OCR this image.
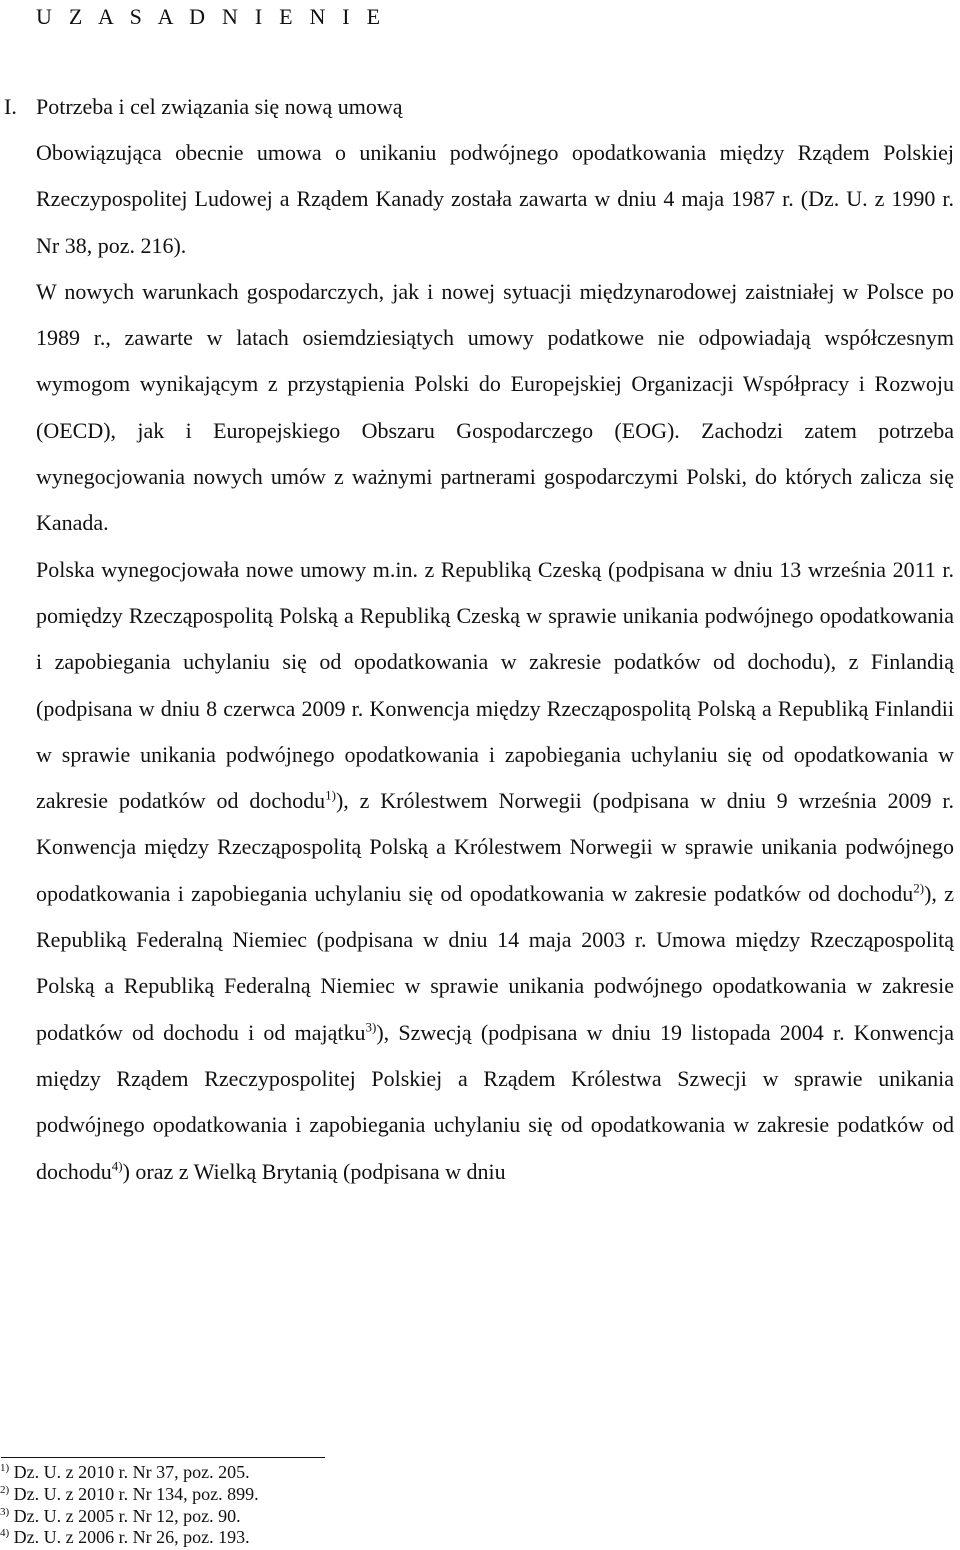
U Z A S A D N I E N I E
I. Potrzeba i cel związania się nową umową

Obowiązująca obecnie umowa o unikaniu podwójnego opodatkowania między Rządem Polskiej Rzeczypospolitej Ludowej a Rządem Kanady została zawarta w dniu 4 maja 1987 r. (Dz. U. z 1990 r. Nr 38, poz. 216).

W nowych warunkach gospodarczych, jak i nowej sytuacji międzynarodowej zaistniałej w Polsce po 1989 r., zawarte w latach osiemdziesiątych umowy podatkowe nie odpowiadają współczesnym wymogom wynikającym z przystąpienia Polski do Europejskiej Organizacji Współpracy i Rozwoju (OECD), jak i Europejskiego Obszaru Gospodarczego (EOG). Zachodzi zatem potrzeba wynegocjowania nowych umów z ważnymi partnerami gospodarczymi Polski, do których zalicza się Kanada.

Polska wynegocjowała nowe umowy m.in. z Republiką Czeską (podpisana w dniu 13 września 2011 r. pomiędzy Rzecząpospolitą Polską a Republiką Czeską w sprawie unikania podwójnego opodatkowania i zapobiegania uchylaniu się od opodatkowania w zakresie podatków od dochodu), z Finlandią (podpisana w dniu 8 czerwca 2009 r. Konwencja między Rzecząpospolitą Polską a Republiką Finlandii w sprawie unikania podwójnego opodatkowania i zapobiegania uchylaniu się od opodatkowania w zakresie podatków od dochodu$^{1)}$), z Królestwem Norwegii (podpisana w dniu 9 września 2009 r. Konwencja między Rzecząpospolitą Polską a Królestwem Norwegii w sprawie unikania podwójnego opodatkowania i zapobiegania uchylaniu się od opodatkowania w zakresie podatków od dochodu$^{2)}$), z Republiką Federalną Niemiec (podpisana w dniu 14 maja 2003 r. Umowa między Rzecząpospolitą Polską a Republiką Federalną Niemiec w sprawie unikania podwójnego opodatkowania w zakresie podatków od dochodu i od majątku$^{3)}$), Szwecją (podpisana w dniu 19 listopada 2004 r. Konwencja między Rządem Rzeczypospolitej Polskiej a Rządem Królestwa Szwecji w sprawie unikania podwójnego opodatkowania i zapobiegania uchylaniu się od opodatkowania w zakresie podatków od dochodu$^{4)}$) oraz z Wielką Brytanią (podpisana w dniu

$^{1)}$ Dz. U. z 2010 r. Nr 37, poz. 205.
$^{2)}$ Dz. U. z 2010 r. Nr 134, poz. 899.
$^{3)}$ Dz. U. z 2005 r. Nr 12, poz. 90.
$^{4)}$ Dz. U. z 2006 r. Nr 26, poz. 193.
